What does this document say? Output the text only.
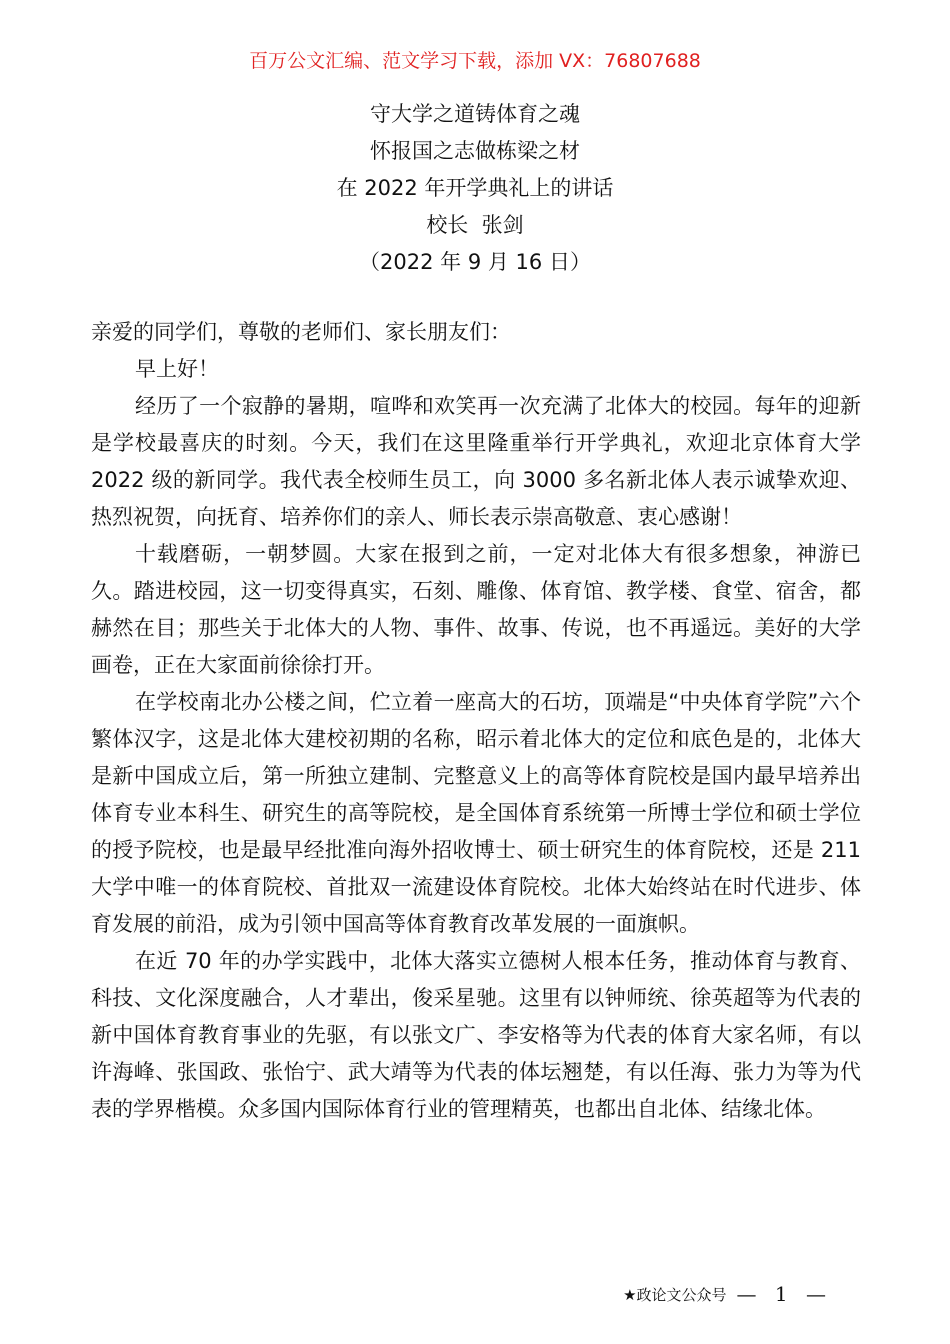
百万公文汇编、范文学习下载，添加 VX：76807688
守大学之道铸体育之魂
怀报国之志做栋梁之材
在 2022 年开学典礼上的讲话
校长  张剑
（2022 年 9 月 16 日）

亲爱的同学们，尊敬的老师们、家长朋友们：

早上好！

经历了一个寂静的暑期，喧哗和欢笑再一次充满了北体大的校园。每年的迎新是学校最喜庆的时刻。今天，我们在这里隆重举行开学典礼，欢迎北京体育大学 2022 级的新同学。我代表全校师生员工，向 3000 多名新北体人表示诚挚欢迎、热烈祝贺，向抚育、培养你们的亲人、师长表示崇高敬意、衷心感谢！

十载磨砺，一朝梦圆。大家在报到之前，一定对北体大有很多想象，神游已久。踏进校园，这一切变得真实，石刻、雕像、体育馆、教学楼、食堂、宿舍，都赫然在目；那些关于北体大的人物、事件、故事、传说，也不再遥远。美好的大学画卷，正在大家面前徐徐打开。

在学校南北办公楼之间，伫立着一座高大的石坊，顶端是“中央体育学院”六个繁体汉字，这是北体大建校初期的名称，昭示着北体大的定位和底色是的，北体大是新中国成立后，第一所独立建制、完整意义上的高等体育院校是国内最早培养出体育专业本科生、研究生的高等院校，是全国体育系统第一所博士学位和硕士学位的授予院校，也是最早经批准向海外招收博士、硕士研究生的体育院校，还是 211 大学中唯一的体育院校、首批双一流建设体育院校。北体大始终站在时代进步、体育发展的前沿，成为引领中国高等体育教育改革发展的一面旗帜。

在近 70 年的办学实践中，北体大落实立德树人根本任务，推动体育与教育、科技、文化深度融合，人才辈出，俊采星驰。这里有以钟师统、徐英超等为代表的新中国体育教育事业的先驱，有以张文广、李安格等为代表的体育大家名师，有以许海峰、张国政、张怡宁、武大靖等为代表的体坛翘楚，有以任海、张力为等为代表的学界楷模。众多国内国际体育行业的管理精英，也都出自北体、结缘北体。

★政论文公众号 — 1 —
